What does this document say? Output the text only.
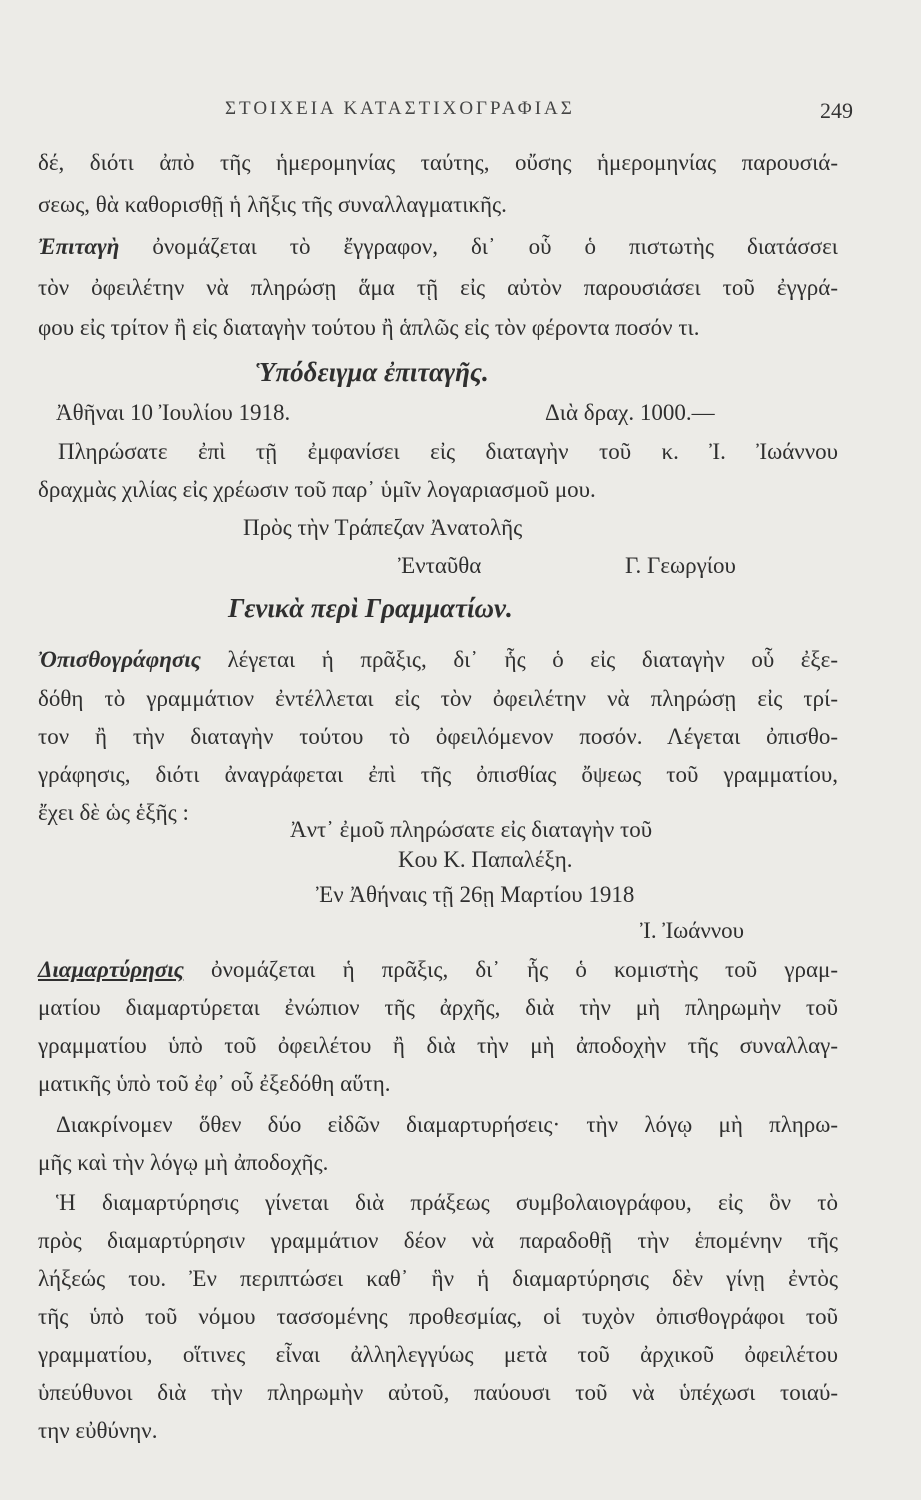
ΣΤΟΙΧΕΙΑ ΚΑΤΑΣΤΙΧΟΓΡΑΦΙΑΣ	249
δέ, διότι ἀπὸ τῆς ἡμερομηνίας ταύτης, οὔσης ἡμερομηνίας παρουσιά-
σεως, θὰ καθορισθῇ ἡ λῆξις τῆς συναλλαγματικῆς.
Ἐπιταγὴ ὀνομάζεται τὸ ἔγγραφον, δι᾿ οὗ ὁ πιστωτὴς διατάσσει
τὸν ὀφειλέτην νὰ πληρώσῃ ἅμα τῇ εἰς αὐτὸν παρουσιάσει τοῦ ἐγγρά-
φου εἰς τρίτον ἢ εἰς διαταγὴν τούτου ἢ ἁπλῶς εἰς τὸν φέροντα ποσόν τι.
Ὑπόδειγμα ἐπιταγῆς.
Ἀθῆναι 10 Ἰουλίου 1918.	Διὰ δραχ. 1000.—
Πληρώσατε ἐπὶ τῇ ἐμφανίσει εἰς διαταγὴν τοῦ κ. Ἰ. Ἰωάννου
δραχμὰς χιλίας εἰς χρέωσιν τοῦ παρ᾿ ὑμῖν λογαριασμοῦ μου.
Πρὸς τὴν Τράπεζαν Ἀνατολῆς
Ἐνταῦθα	Γ. Γεωργίου
Γενικὰ περὶ Γραμματίων.
Ὀπισθογράφησις λέγεται ἡ πρᾶξις, δι᾿ ἧς ὁ εἰς διαταγὴν οὗ ἐξε-
δόθη τὸ γραμμάτιον ἐντέλλεται εἰς τὸν ὀφειλέτην νὰ πληρώσῃ εἰς τρί-
τον ἢ τὴν διαταγὴν τούτου τὸ ὀφειλόμενον ποσόν. Λέγεται ὀπισθο-
γράφησις, διότι ἀναγράφεται ἐπὶ τῆς ὀπισθίας ὄψεως τοῦ γραμματίου,
ἔχει δὲ ὡς ἑξῆς :
Ἀντ᾿ ἐμοῦ πληρώσατε εἰς διαταγὴν τοῦ
Κου Κ. Παπαλέξη.
Ἐν Ἀθήναις τῇ 26ῃ Μαρτίου 1918
Ἰ. Ἰωάννου
Διαμαρτύρησις ὀνομάζεται ἡ πρᾶξις, δι᾿ ἧς ὁ κομιστὴς τοῦ γραμ-
ματίου διαμαρτύρεται ἐνώπιον τῆς ἀρχῆς, διὰ τὴν μὴ πληρωμὴν τοῦ
γραμματίου ὑπὸ τοῦ ὀφειλέτου ἢ διὰ τὴν μὴ ἀποδοχὴν τῆς συναλλαγ-
ματικῆς ὑπὸ τοῦ ἐφ᾿ οὗ ἐξεδόθη αὕτη.
Διακρίνομεν ὅθεν δύο εἰδῶν διαμαρτυρήσεις· τὴν λόγῳ μὴ πληρω-
μῆς καὶ τὴν λόγῳ μὴ ἀποδοχῆς.
Ἡ διαμαρτύρησις γίνεται διὰ πράξεως συμβολαιογράφου, εἰς ὃν τὸ
πρὸς διαμαρτύρησιν γραμμάτιον δέον νὰ παραδοθῇ τὴν ἑπομένην τῆς
λήξεώς του. Ἐν περιπτώσει καθ᾿ ἣν ἡ διαμαρτύρησις δὲν γίνῃ ἐντὸς
τῆς ὑπὸ τοῦ νόμου τασσομένης προθεσμίας, οἱ τυχὸν ὀπισθογράφοι τοῦ
γραμματίου, οἵτινες εἶναι ἀλληλεγγύως μετὰ τοῦ ἀρχικοῦ ὀφειλέτου
ὑπεύθυνοι διὰ τὴν πληρωμὴν αὐτοῦ, παύουσι τοῦ νὰ ὑπέχωσι τοιαύ-
την εὐθύνην.
